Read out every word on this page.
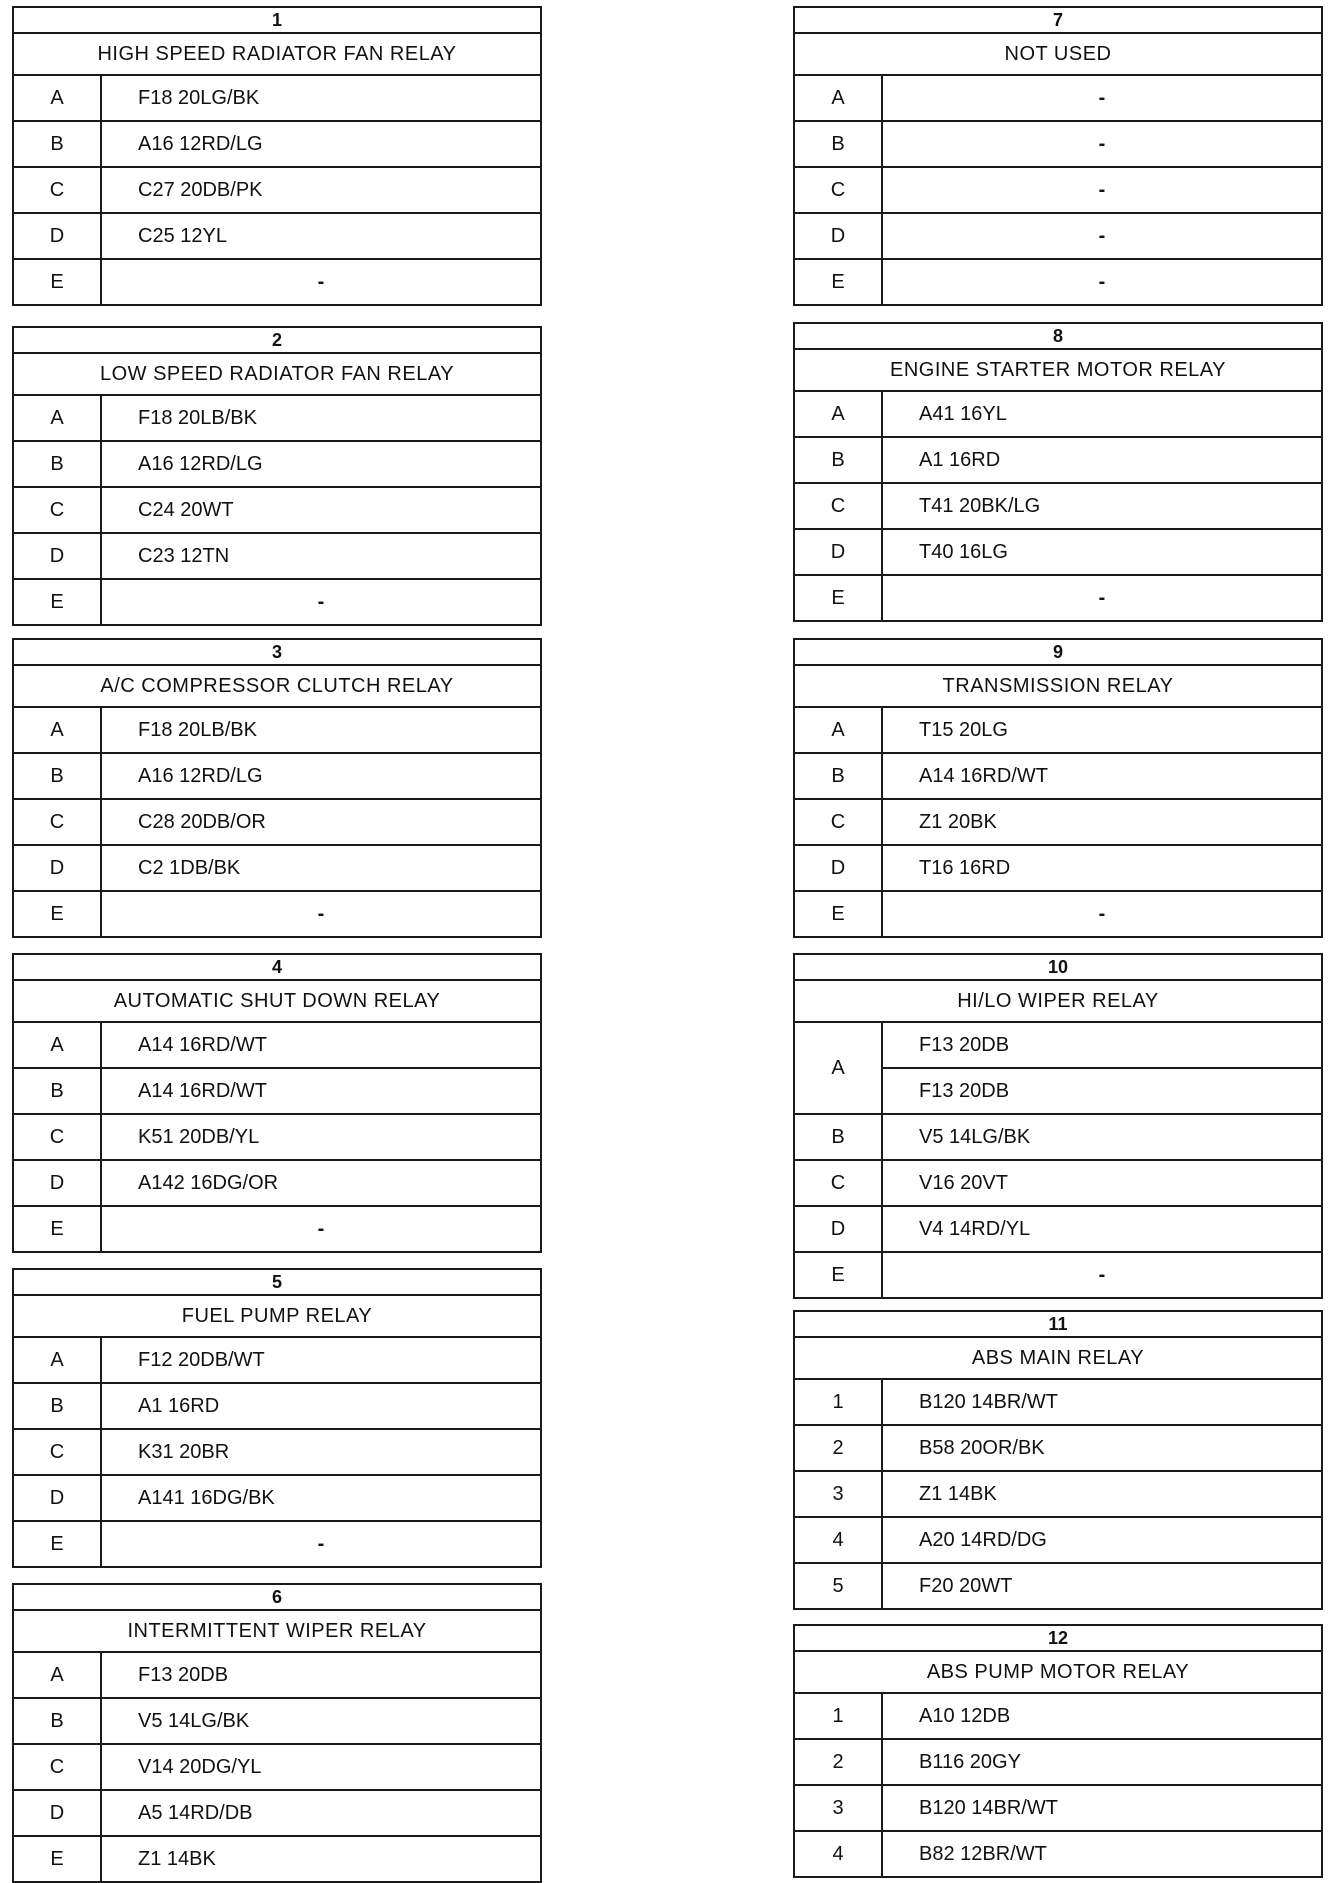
1
HIGH SPEED RADIATOR FAN RELAY
A	F18 20LG/BK
B	A16 12RD/LG
C	C27 20DB/PK
D	C25 12YL
E	-
2
LOW SPEED RADIATOR FAN RELAY
A	F18 20LB/BK
B	A16 12RD/LG
C	C24 20WT
D	C23 12TN
E	-
3
A/C COMPRESSOR CLUTCH RELAY
A	F18 20LB/BK
B	A16 12RD/LG
C	C28 20DB/OR
D	C2 1DB/BK
E	-
4
AUTOMATIC SHUT DOWN RELAY
A	A14 16RD/WT
B	A14 16RD/WT
C	K51 20DB/YL
D	A142 16DG/OR
E	-
5
FUEL PUMP RELAY
A	F12 20DB/WT
B	A1 16RD
C	K31 20BR
D	A141 16DG/BK
E	-
6
INTERMITTENT WIPER RELAY
A	F13 20DB
B	V5 14LG/BK
C	V14 20DG/YL
D	A5 14RD/DB
E	Z1 14BK
7
NOT USED
A	-
B	-
C	-
D	-
E	-
8
ENGINE STARTER MOTOR RELAY
A	A41 16YL
B	A1 16RD
C	T41 20BK/LG
D	T40 16LG
E	-
9
TRANSMISSION RELAY
A	T15 20LG
B	A14 16RD/WT
C	Z1 20BK
D	T16 16RD
E	-
10
HI/LO WIPER RELAY
A
F13 20DB
F13 20DB
B	V5 14LG/BK
C	V16 20VT
D	V4 14RD/YL
E	-
11
ABS MAIN RELAY
1	B120 14BR/WT
2	B58 20OR/BK
3	Z1 14BK
4	A20 14RD/DG
5	F20 20WT
12
ABS PUMP MOTOR RELAY
1	A10 12DB
2	B116 20GY
3	B120 14BR/WT
4	B82 12BR/WT
